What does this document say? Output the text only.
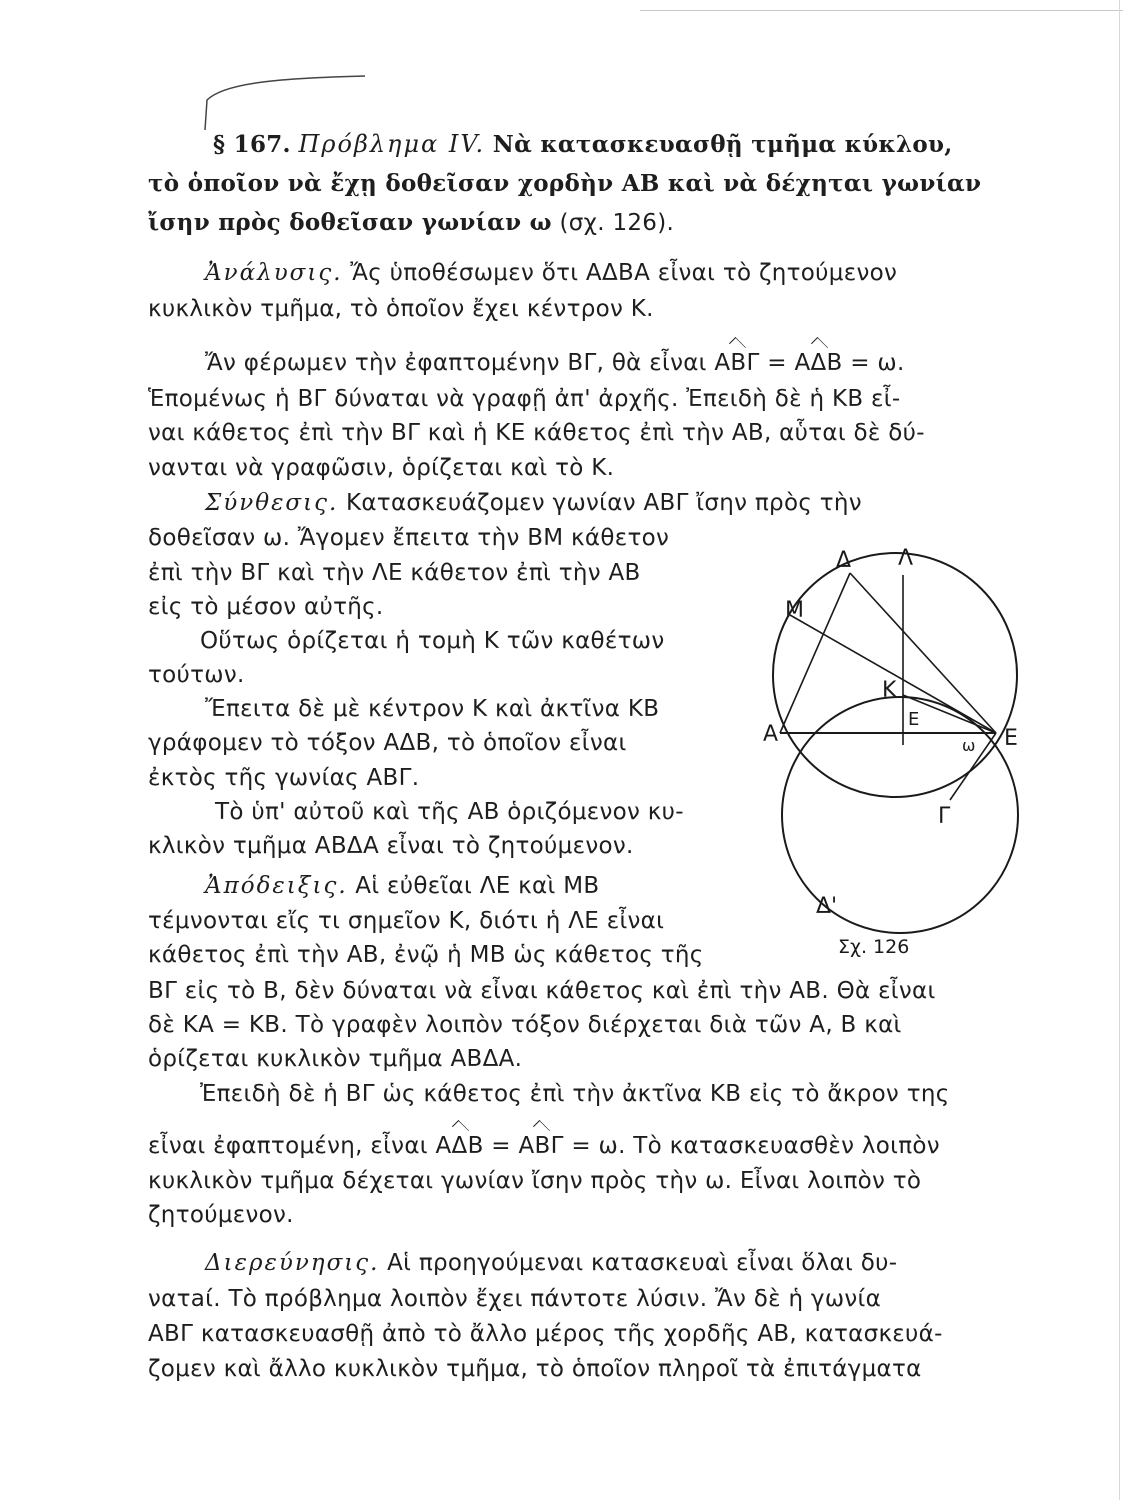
§ 167. Πρόβλημα IV. Νὰ κατασκευασθῇ τμῆμα κύκλου,
τὸ ὁποῖον νὰ ἔχῃ δοθεῖσαν χορδὴν ΑΒ καὶ νὰ δέχηται γωνίαν
ἴσην πρὸς δοθεῖσαν γωνίαν ω (σχ. 126).
Ἀνάλυσις. Ἄς ὑποθέσωμεν ὅτι ΑΔΒΑ εἶναι τὸ ζητούμενον
κυκλικὸν τμῆμα, τὸ ὁποῖον ἔχει κέντρον Κ.
Ἄν φέρωμεν τὴν ἐφαπτομένην ΒΓ, θὰ εἶναι ΑΒΓ = ΑΔΒ = ω.
Ἑπομένως ἡ ΒΓ δύναται νὰ γραφῇ ἀπ' ἀρχῆς. Ἐπειδὴ δὲ ἡ ΚΒ εἶ-
ναι κάθετος ἐπὶ τὴν ΒΓ καὶ ἡ ΚΕ κάθετος ἐπὶ τὴν ΑΒ, αὗται δὲ δύ-
νανται νὰ γραφῶσιν, ὁρίζεται καὶ τὸ Κ.
Σύνθεσις. Κατασκευάζομεν γωνίαν ΑΒΓ ἴσην πρὸς τὴν
δοθεῖσαν ω. Ἄγομεν ἔπειτα τὴν ΒΜ κάθετον
ἐπὶ τὴν ΒΓ καὶ τὴν ΛΕ κάθετον ἐπὶ τὴν ΑΒ
εἰς τὸ μέσον αὐτῆς.
Οὕτως ὁρίζεται ἡ τομὴ Κ τῶν καθέτων
τούτων.
Ἔπειτα δὲ μὲ κέντρον Κ καὶ ἀκτῖνα ΚΒ
γράφομεν τὸ τόξον ΑΔΒ, τὸ ὁποῖον εἶναι
ἐκτὸς τῆς γωνίας ΑΒΓ.
Τὸ ὑπ' αὐτοῦ καὶ τῆς ΑΒ ὁριζόμενον κυ-
κλικὸν τμῆμα ΑΒΔΑ εἶναι τὸ ζητούμενον.
Ἀπόδειξις. Αἱ εὐθεῖαι ΛΕ καὶ ΜΒ
τέμνονται εἴς τι σημεῖον Κ, διότι ἡ ΛΕ εἶναι
κάθετος ἐπὶ τὴν ΑΒ, ἐνῷ ἡ ΜΒ ὡς κάθετος τῆς
ΒΓ εἰς τὸ Β, δὲν δύναται νὰ εἶναι κάθετος καὶ ἐπὶ τὴν ΑΒ. Θὰ εἶναι
δὲ ΚΑ = ΚΒ. Τὸ γραφὲν λοιπὸν τόξον διέρχεται διὰ τῶν Α, Β καὶ
ὁρίζεται κυκλικὸν τμῆμα ΑΒΔΑ.
Ἐπειδὴ δὲ ἡ ΒΓ ὡς κάθετος ἐπὶ τὴν ἀκτῖνα ΚΒ εἰς τὸ ἄκρον της
εἶναι ἐφαπτομένη, εἶναι ΑΔΒ = ΑΒΓ = ω. Τὸ κατασκευασθὲν λοιπὸν
κυκλικὸν τμῆμα δέχεται γωνίαν ἴσην πρὸς τὴν ω. Εἶναι λοιπὸν τὸ
ζητούμενον.
Διερεύνησις. Αἱ προηγούμεναι κατασκευαὶ εἶναι ὅλαι δυ-
νατaί. Τὸ πρόβλημα λοιπὸν ἔχει πάντοτε λύσιν. Ἄν δὲ ἡ γωνία
ΑΒΓ κατασκευασθῇ ἀπὸ τὸ ἄλλο μέρος τῆς χορδῆς ΑΒ, κατασκευά-
ζομεν καὶ ἄλλο κυκλικὸν τμῆμα, τὸ ὁποῖον πληροῖ τὰ ἐπιτάγματα
Δ Λ
Μ
Κ
Ε
Α	Ε
ω
Γ
Δ'
Σχ. 126
